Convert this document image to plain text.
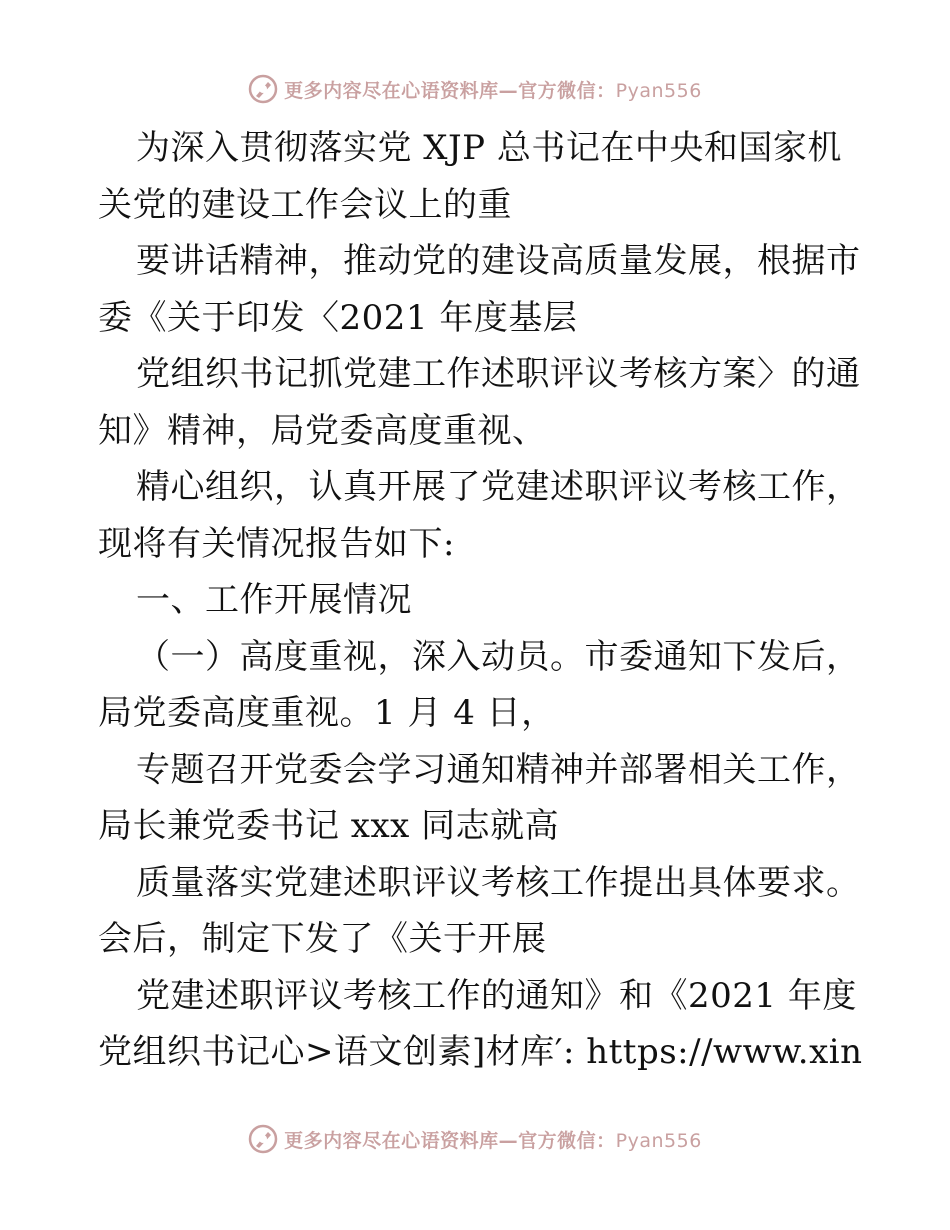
更多内容尽在心语资料库—官方微信：Pyan556

为深入贯彻落实党 XJP 总书记在中央和国家机
关党的建设工作会议上的重

要讲话精神，推动党的建设高质量发展，根据市
委《关于印发〈2021 年度基层

党组织书记抓党建工作述职评议考核方案〉的通
知》精神，局党委高度重视、

精心组织，认真开展了党建述职评议考核工作，
现将有关情况报告如下:

一、工作开展情况

（一）高度重视，深入动员。市委通知下发后，
局党委高度重视。1 月 4 日，

专题召开党委会学习通知精神并部署相关工作，
局长兼党委书记 xxx 同志就高

质量落实党建述职评议考核工作提出具体要求。
会后，制定下发了《关于开展

党建述职评议考核工作的通知》和《2021 年度
党组织书记心>语文创素]材库′: https://www.xin

更多内容尽在心语资料库—官方微信：Pyan556
